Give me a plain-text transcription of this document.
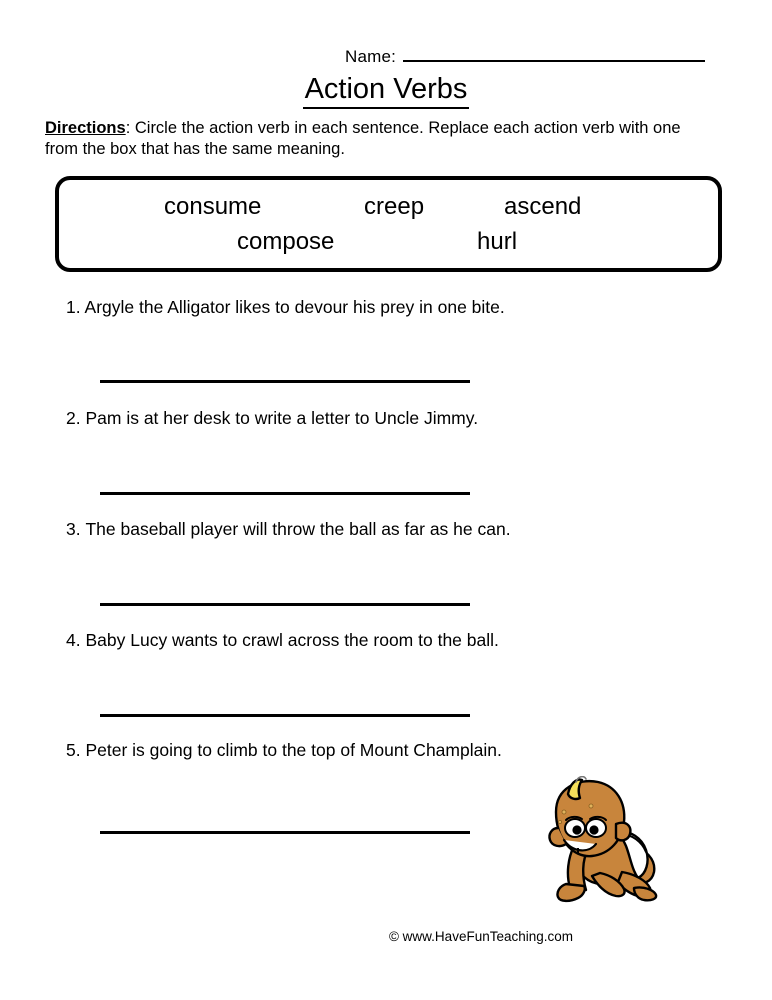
Name:
Action Verbs
Directions: Circle the action verb in each sentence. Replace each action verb with one from the box that has the same meaning.
consume	creep	ascend
compose	hurl
1. Argyle the Alligator likes to devour his prey in one bite.
2. Pam is at her desk to write a letter to Uncle Jimmy.
3. The baseball player will throw the ball as far as he can.
4. Baby Lucy wants to crawl across the room to the ball.
5. Peter is going to climb to the top of Mount Champlain.
© www.HaveFunTeaching.com
